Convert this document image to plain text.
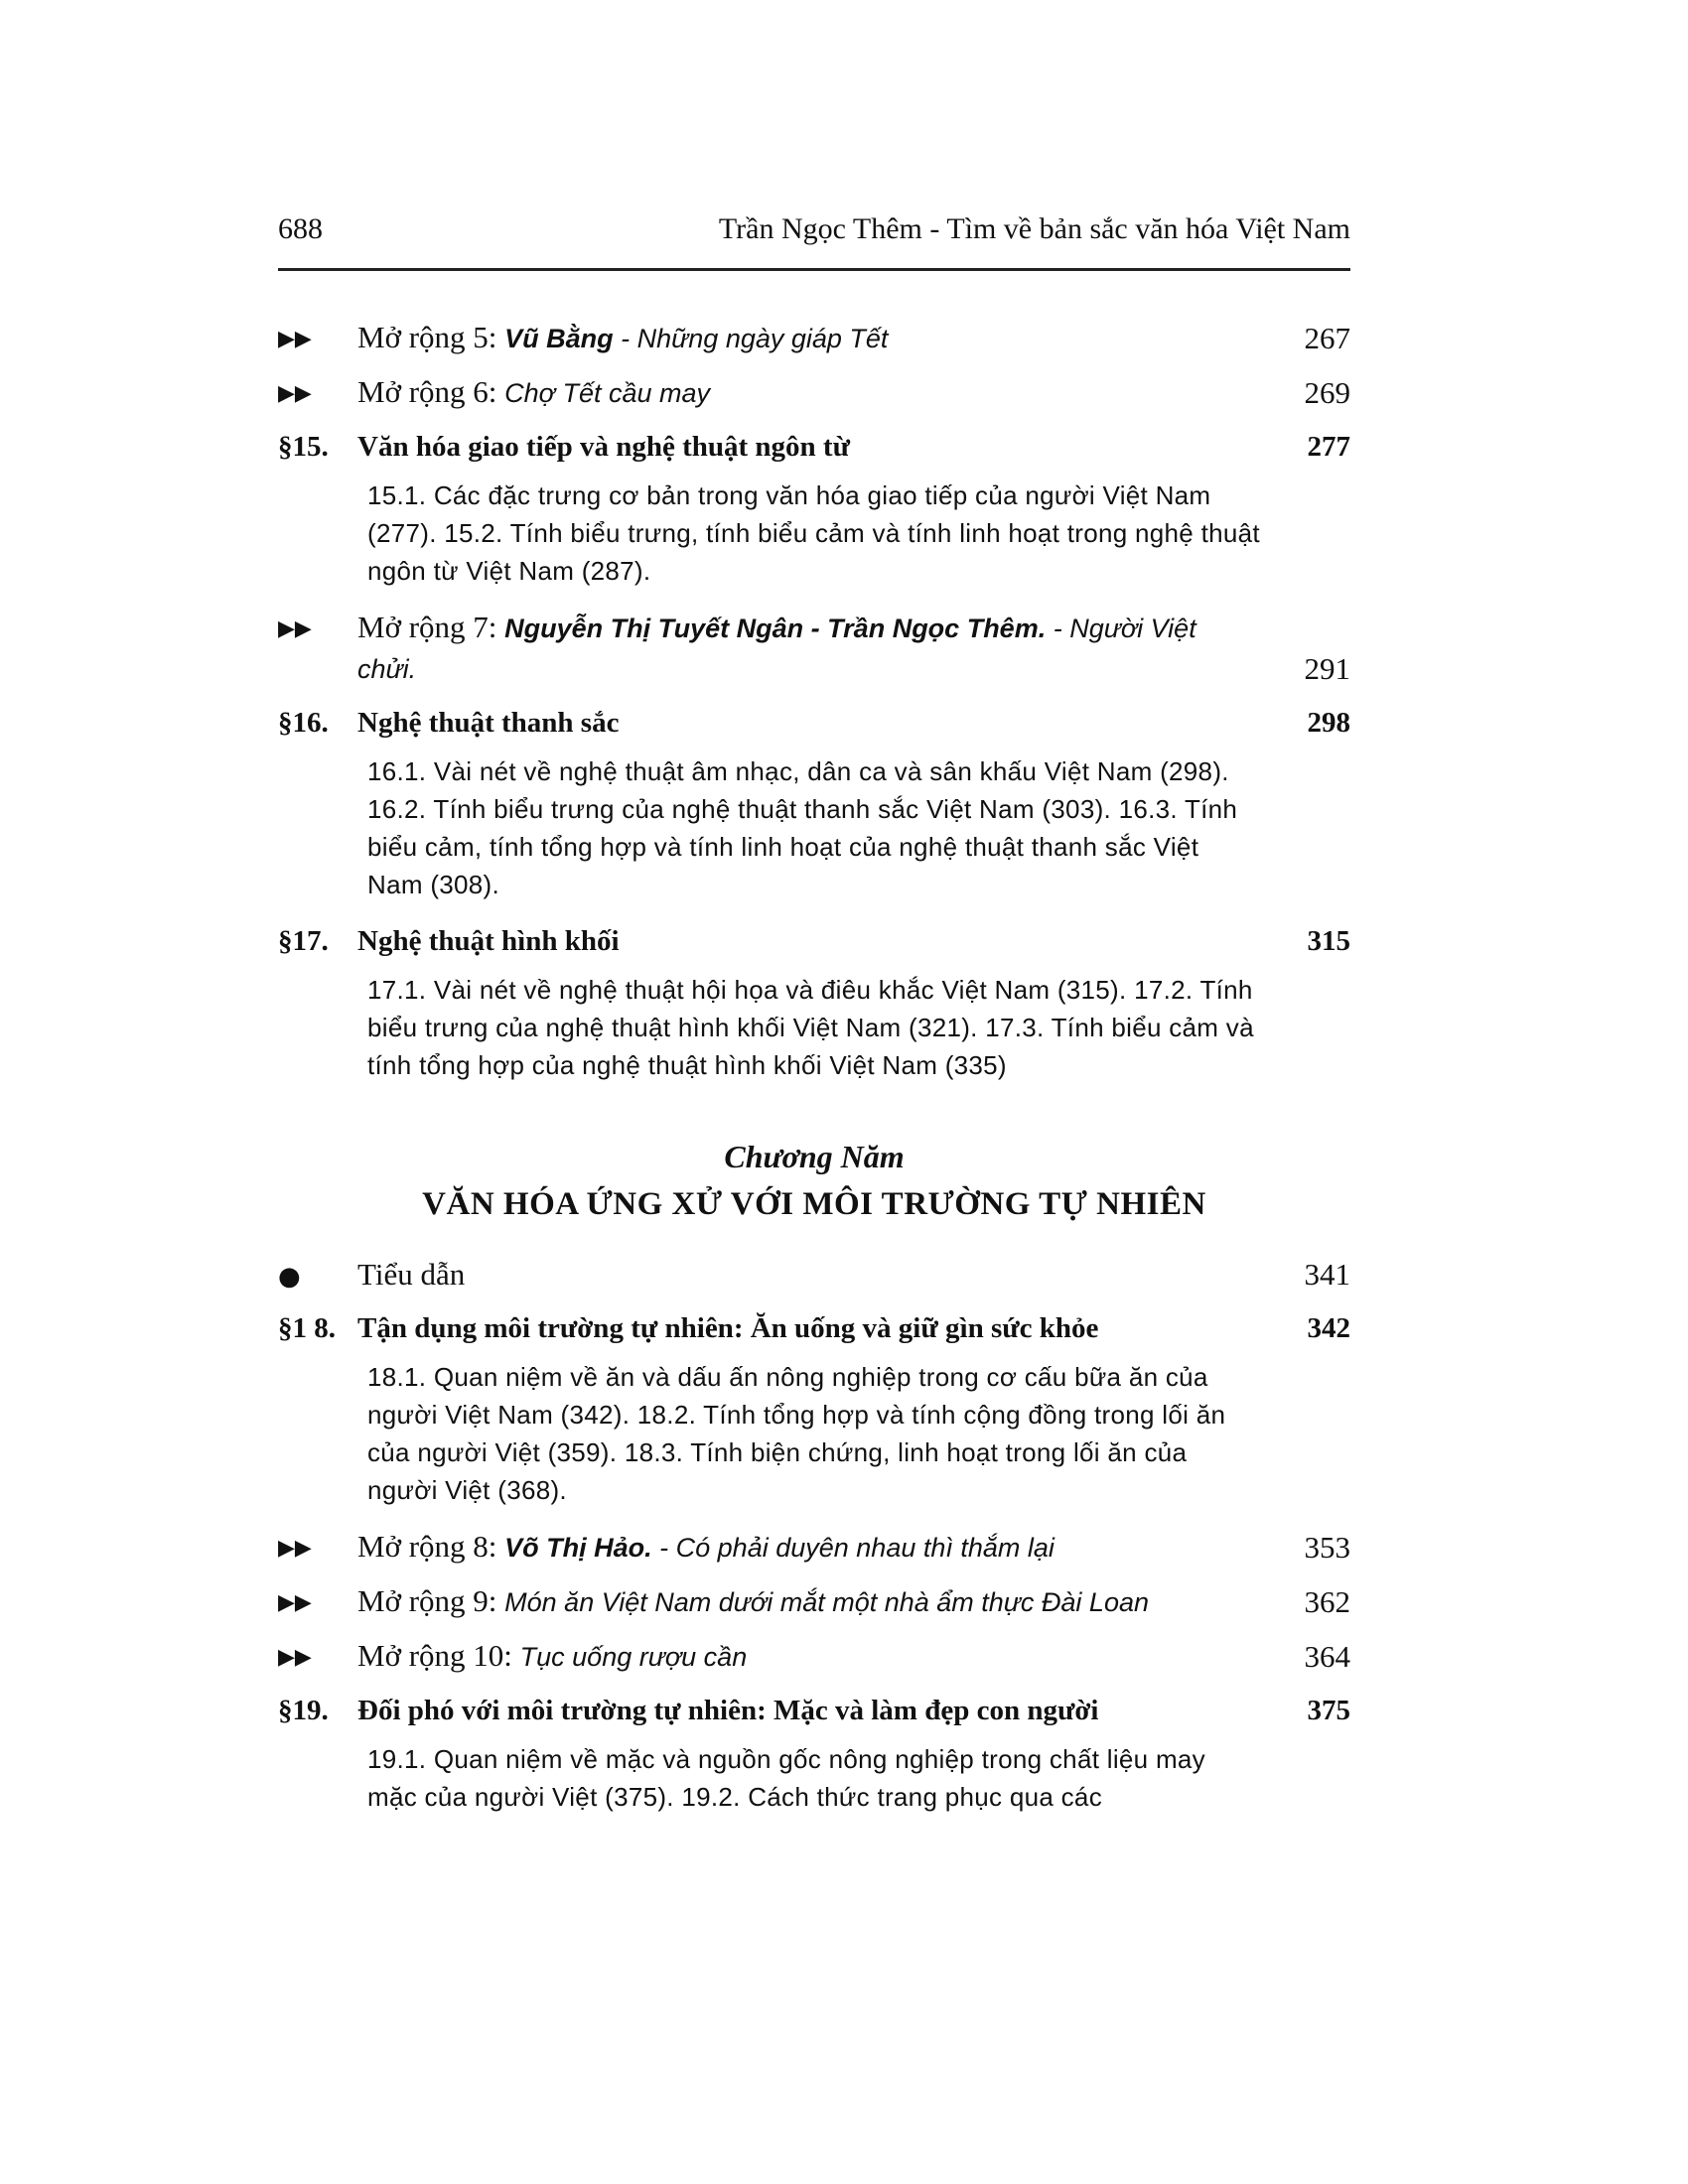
688	Trần Ngọc Thêm - Tìm về bản sắc văn hóa Việt Nam
▶▶	Mở rộng 5: Vũ Bằng - Những ngày giáp Tết	267
▶▶	Mở rộng 6: Chợ Tết cầu may	269
§15.	Văn hóa giao tiếp và nghệ thuật ngôn từ	277
15.1. Các đặc trưng cơ bản trong văn hóa giao tiếp của người Việt Nam (277). 15.2. Tính biểu trưng, tính biểu cảm và tính linh hoạt trong nghệ thuật ngôn từ Việt Nam (287).
▶▶	Mở rộng 7: Nguyễn Thị Tuyết Ngân - Trần Ngọc Thêm. - Người Việt chửi.	291
§16.	Nghệ thuật thanh sắc	298
16.1. Vài nét về nghệ thuật âm nhạc, dân ca và sân khấu Việt Nam (298). 16.2. Tính biểu trưng của nghệ thuật thanh sắc Việt Nam (303). 16.3. Tính biểu cảm, tính tổng hợp và tính linh hoạt của nghệ thuật thanh sắc Việt Nam (308).
§17.	Nghệ thuật hình khối	315
17.1. Vài nét về nghệ thuật hội họa và điêu khắc Việt Nam (315). 17.2. Tính biểu trưng của nghệ thuật hình khối Việt Nam (321). 17.3. Tính biểu cảm và tính tổng hợp của nghệ thuật hình khối Việt Nam (335)
Chương Năm
VĂN HÓA ỨNG XỬ VỚI MÔI TRƯỜNG TỰ NHIÊN
●	Tiểu dẫn	341
§1 8. Tận dụng môi trường tự nhiên: Ăn uống và giữ gìn sức khỏe	342
18.1. Quan niệm về ăn và dấu ấn nông nghiệp trong cơ cấu bữa ăn của người Việt Nam (342). 18.2. Tính tổng hợp và tính cộng đồng trong lối ăn của người Việt (359). 18.3. Tính biện chứng, linh hoạt trong lối ăn của người Việt (368).
▶▶	Mở rộng 8: Võ Thị Hảo. - Có phải duyên nhau thì thắm lại	353
▶▶	Mở rộng 9: Món ăn Việt Nam dưới mắt một nhà ẩm thực Đài Loan	362
▶▶	Mở rộng 10: Tục uống rượu cần	364
§19.	Đối phó với môi trường tự nhiên: Mặc và làm đẹp con người	375
19.1. Quan niệm về mặc và nguồn gốc nông nghiệp trong chất liệu may mặc của người Việt (375). 19.2. Cách thức trang phục qua các
